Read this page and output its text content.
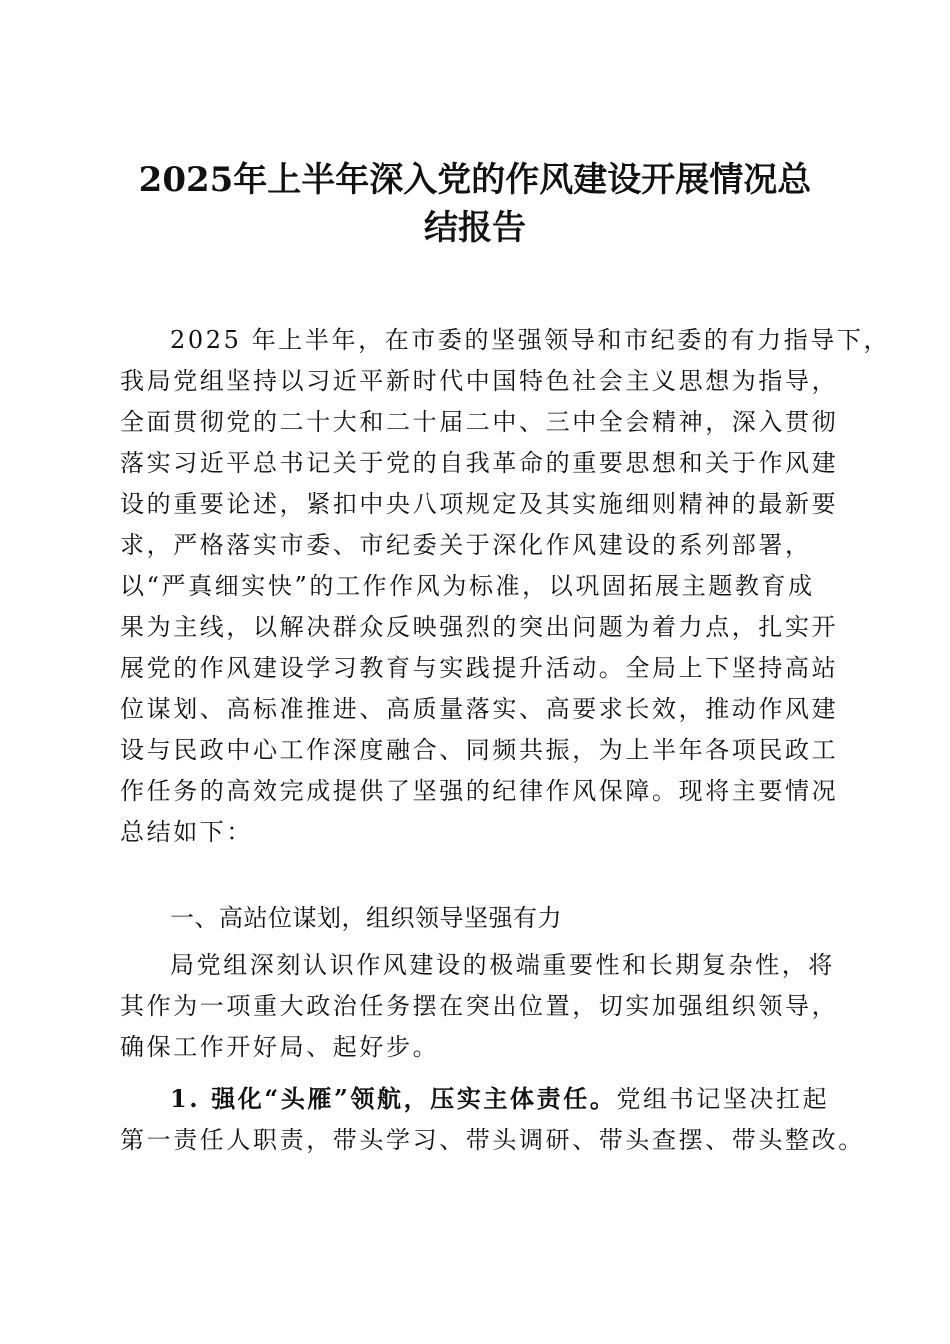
2025年上半年深入党的作风建设开展情况总
结报告
2025 年上半年，在市委的坚强领导和市纪委的有力指导下，
我局党组坚持以习近平新时代中国特色社会主义思想为指导，
全面贯彻党的二十大和二十届二中、三中全会精神，深入贯彻
落实习近平总书记关于党的自我革命的重要思想和关于作风建
设的重要论述，紧扣中央八项规定及其实施细则精神的最新要
求，严格落实市委、市纪委关于深化作风建设的系列部署，
以“严真细实快”的工作作风为标准，以巩固拓展主题教育成
果为主线，以解决群众反映强烈的突出问题为着力点，扎实开
展党的作风建设学习教育与实践提升活动。全局上下坚持高站
位谋划、高标准推进、高质量落实、高要求长效，推动作风建
设与民政中心工作深度融合、同频共振，为上半年各项民政工
作任务的高效完成提供了坚强的纪律作风保障。现将主要情况
总结如下：
一、高站位谋划，组织领导坚强有力
局党组深刻认识作风建设的极端重要性和长期复杂性，将
其作为一项重大政治任务摆在突出位置，切实加强组织领导，
确保工作开好局、起好步。
1. 强化“头雁”领航，压实主体责任。党组书记坚决扛起
第一责任人职责，带头学习、带头调研、带头查摆、带头整改。
